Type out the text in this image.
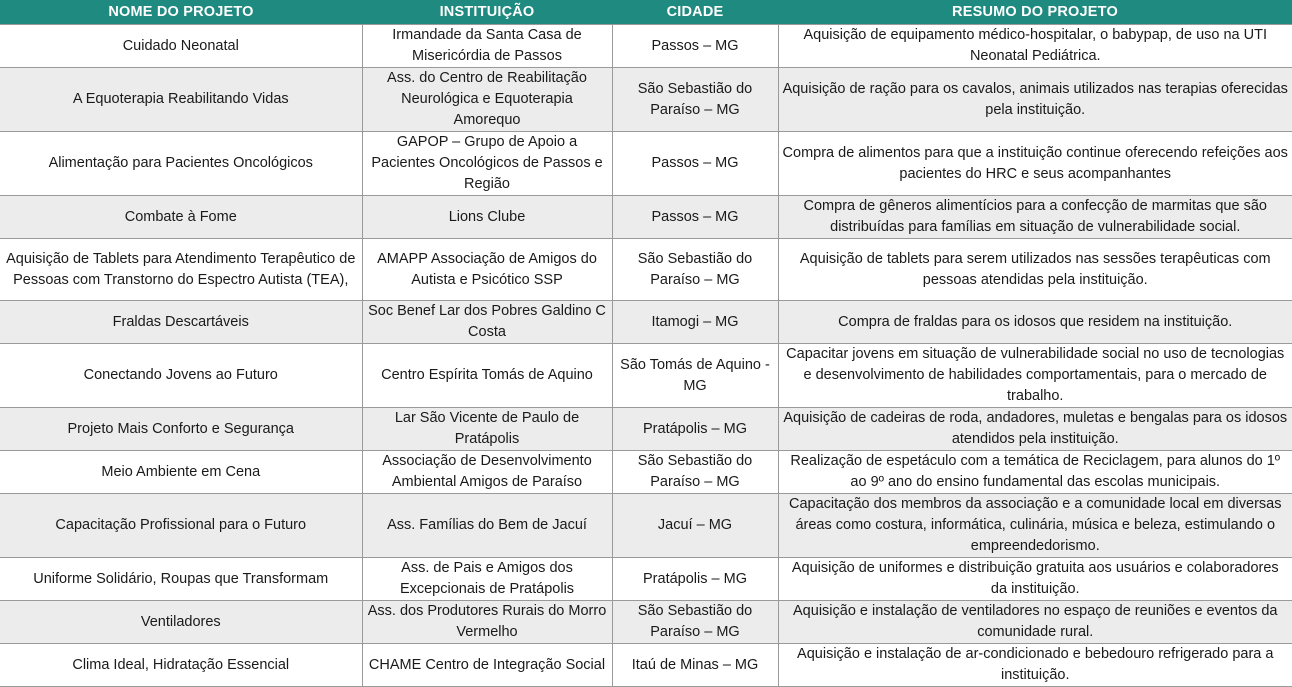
NOME DO PROJETO	INSTITUIÇÃO	CIDADE	RESUMO DO PROJETO
Cuidado Neonatal	Irmandade da Santa Casa de Misericórdia de Passos	Passos – MG	Aquisição de equipamento médico-hospitalar, o babypap, de uso na UTI Neonatal Pediátrica.
A Equoterapia Reabilitando Vidas	Ass. do Centro de Reabilitação Neurológica e Equoterapia Amorequo	São Sebastião do Paraíso – MG	Aquisição de ração para os cavalos, animais utilizados nas terapias oferecidas pela instituição.
Alimentação para Pacientes Oncológicos	GAPOP – Grupo de Apoio a Pacientes Oncológicos de Passos e Região	Passos – MG	Compra de alimentos para que a instituição continue oferecendo refeições aos pacientes do HRC e seus acompanhantes
Combate à Fome	Lions Clube	Passos – MG	Compra de gêneros alimentícios para a confecção de marmitas que são distribuídas para famílias em situação de vulnerabilidade social.
Aquisição de Tablets para Atendimento Terapêutico de Pessoas com Transtorno do Espectro Autista (TEA),	AMAPP Associação de Amigos do Autista e Psicótico SSP	São Sebastião do Paraíso – MG	Aquisição de tablets para serem utilizados nas sessões terapêuticas com pessoas atendidas pela instituição.
Fraldas Descartáveis	Soc Benef Lar dos Pobres Galdino C Costa	Itamogi – MG	Compra de fraldas para os idosos que residem na instituição.
Conectando Jovens ao Futuro	Centro Espírita Tomás de Aquino	São Tomás de Aquino - MG	Capacitar jovens em situação de vulnerabilidade social no uso de tecnologias e desenvolvimento de habilidades comportamentais, para o mercado de trabalho.
Projeto Mais Conforto e Segurança	Lar São Vicente de Paulo de Pratápolis	Pratápolis – MG	Aquisição de cadeiras de roda, andadores, muletas e bengalas para os idosos atendidos pela instituição.
Meio Ambiente em Cena	Associação de Desenvolvimento Ambiental Amigos de Paraíso	São Sebastião do Paraíso – MG	Realização de espetáculo com a temática de Reciclagem, para alunos do 1º ao 9º ano do ensino fundamental das escolas municipais.
Capacitação Profissional para o Futuro	Ass. Famílias do Bem de Jacuí	Jacuí – MG	Capacitação dos membros da associação e a comunidade local em diversas áreas como costura, informática, culinária, música e beleza, estimulando o empreendedorismo.
Uniforme Solidário, Roupas que Transformam	Ass. de Pais e Amigos dos Excepcionais de Pratápolis	Pratápolis – MG	Aquisição de uniformes e distribuição gratuita aos usuários e colaboradores da instituição.
Ventiladores	Ass. dos Produtores Rurais do Morro Vermelho	São Sebastião do Paraíso – MG	Aquisição e instalação de ventiladores no espaço de reuniões e eventos da comunidade rural.
Clima Ideal, Hidratação Essencial	CHAME Centro de Integração Social	Itaú de Minas – MG	Aquisição e instalação de ar-condicionado e bebedouro refrigerado para a instituição.
